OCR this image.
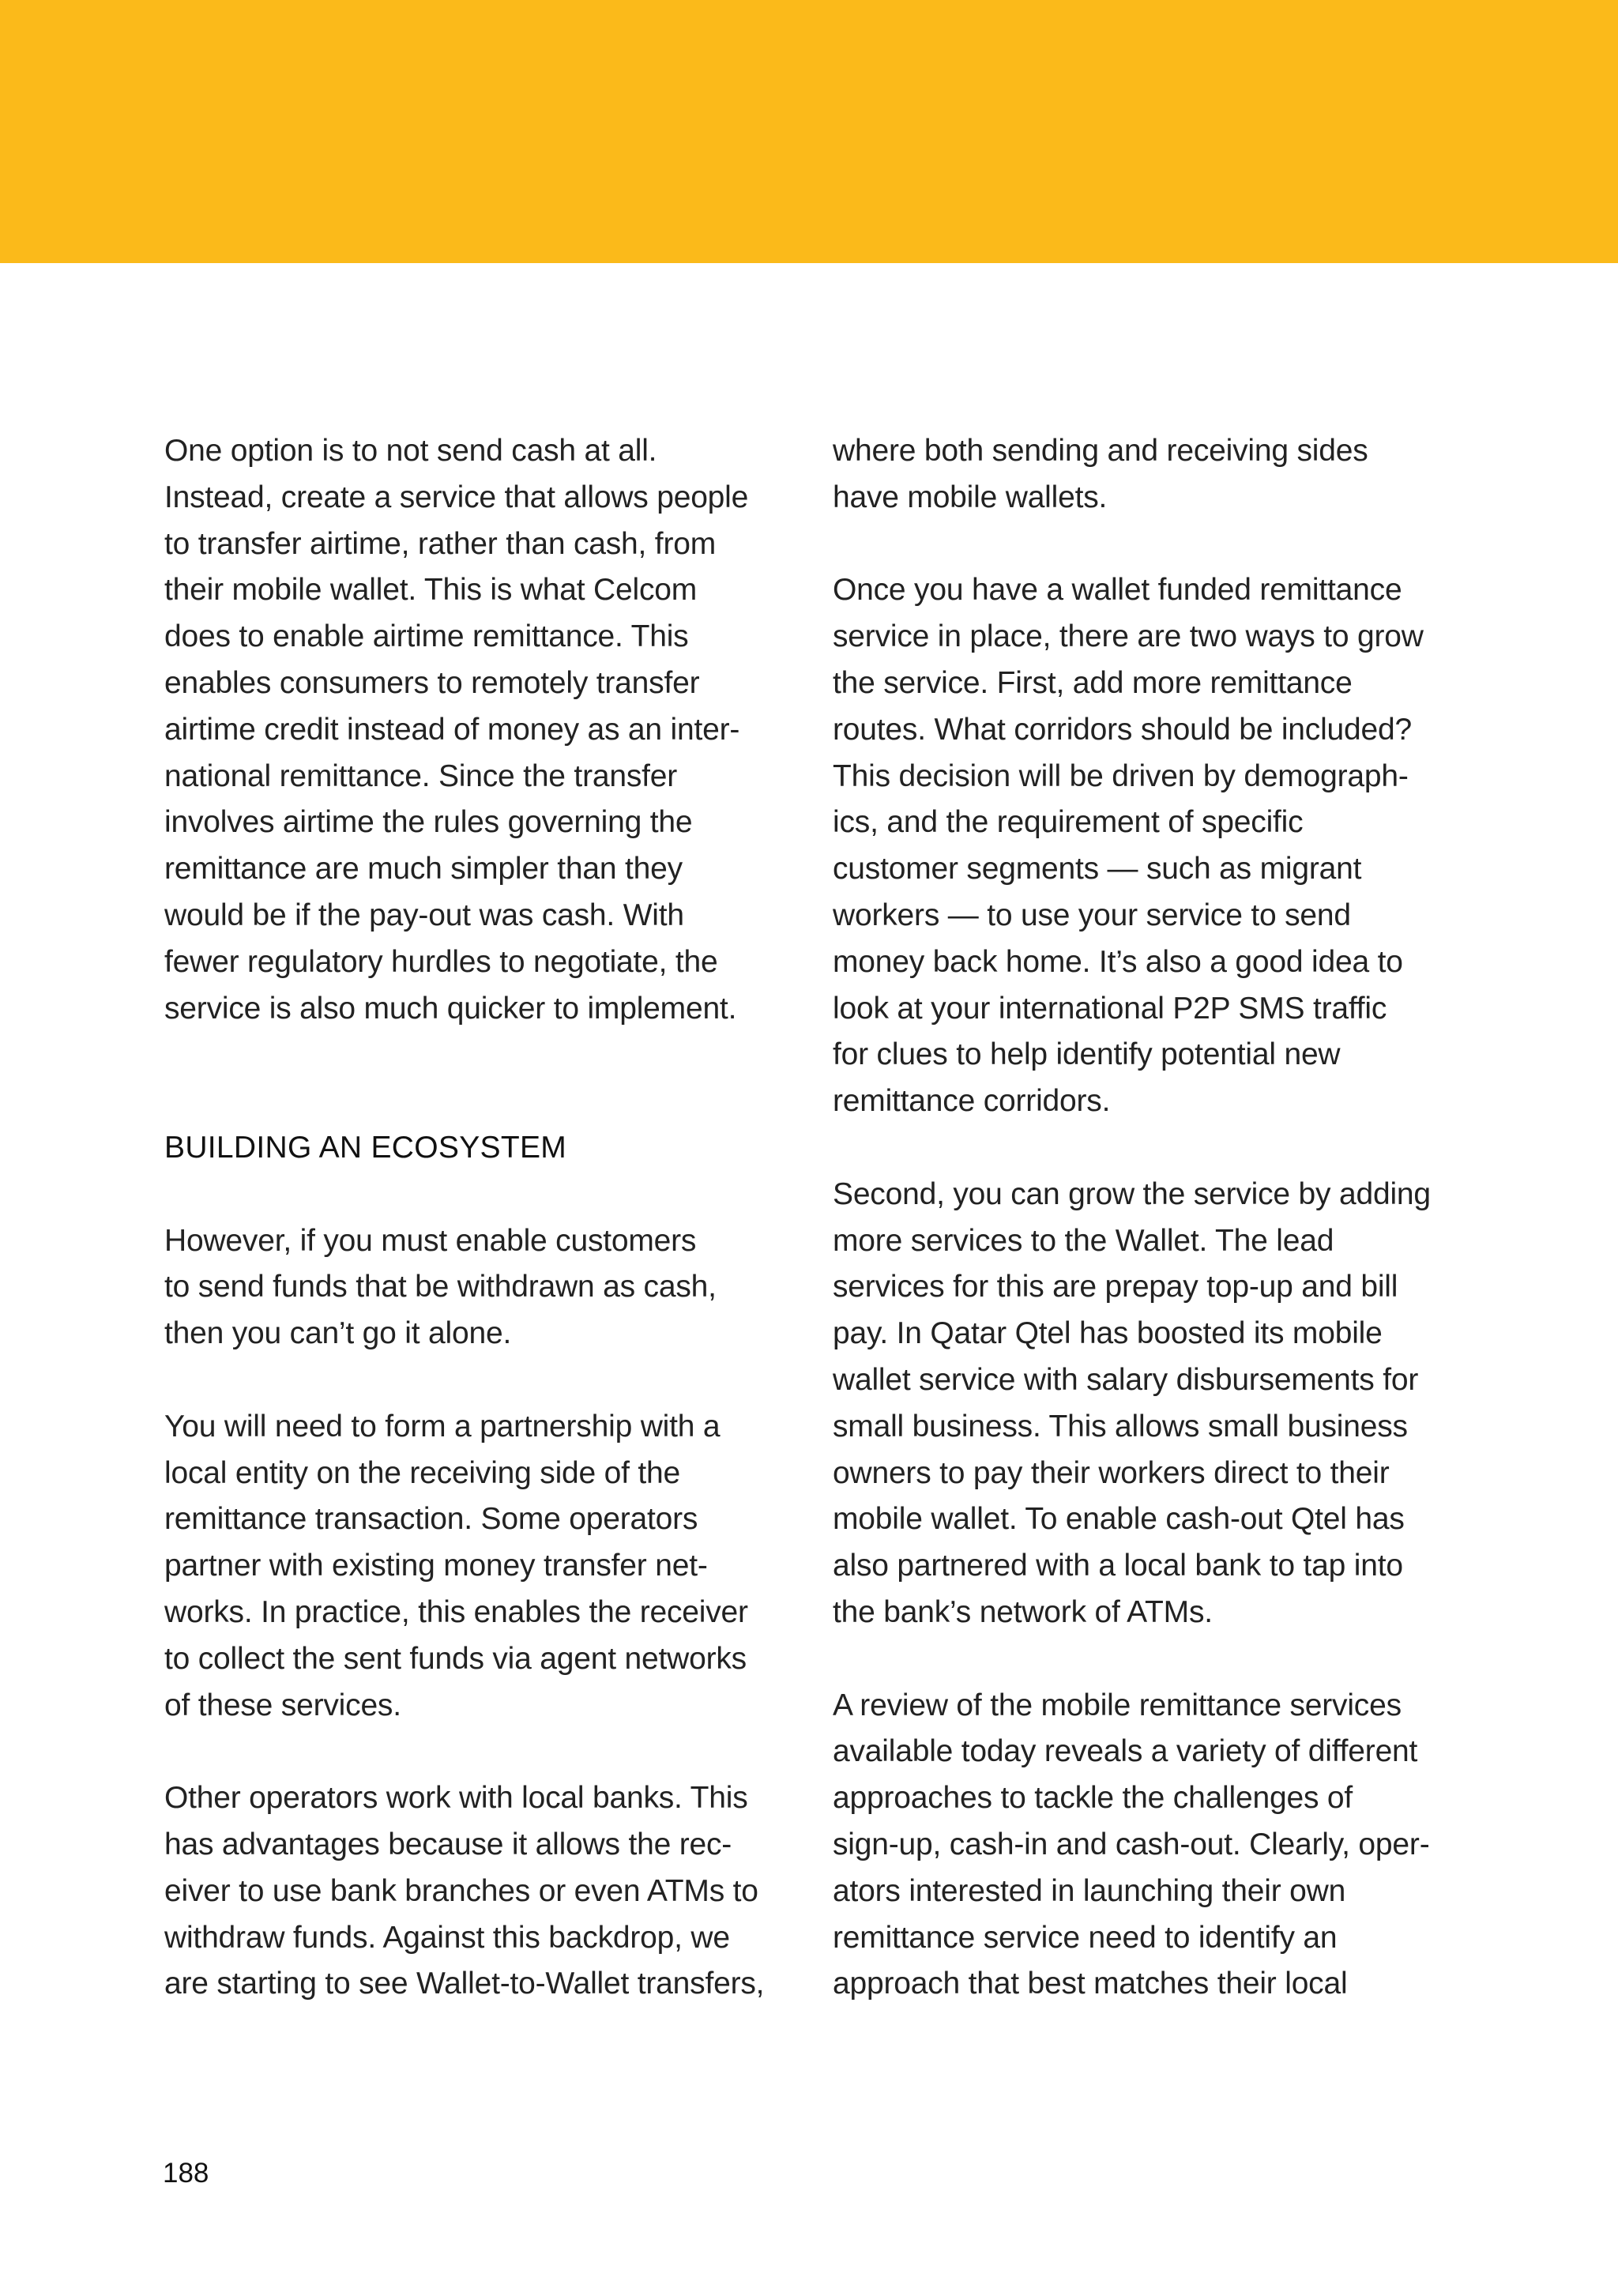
One option is to not send cash at all.
Instead, create a service that allows people
to transfer airtime, rather than cash, from
their mobile wallet. This is what Celcom
does to enable airtime remittance. This
enables consumers to remotely transfer
airtime credit instead of money as an inter-
national remittance. Since the transfer
involves airtime the rules governing the
remittance are much simpler than they
would be if the pay-out was cash. With
fewer regulatory hurdles to negotiate, the
service is also much quicker to implement.

BUILDING AN ECOSYSTEM

However, if you must enable customers
to send funds that be withdrawn as cash,
then you can’t go it alone.

You will need to form a partnership with a
local entity on the receiving side of the
remittance transaction. Some operators
partner with existing money transfer net-
works. In practice, this enables the receiver
to collect the sent funds via agent networks
of these services.

Other operators work with local banks. This
has advantages because it allows the rec-
eiver to use bank branches or even ATMs to
withdraw funds. Against this backdrop, we
are starting to see Wallet-to-Wallet transfers,

where both sending and receiving sides
have mobile wallets.

Once you have a wallet funded remittance
service in place, there are two ways to grow
the service. First, add more remittance
routes. What corridors should be included?
This decision will be driven by demograph-
ics, and the requirement of specific
customer segments — such as migrant
workers — to use your service to send
money back home. It’s also a good idea to
look at your international P2P SMS traffic
for clues to help identify potential new
remittance corridors.

Second, you can grow the service by adding
more services to the Wallet. The lead
services for this are prepay top-up and bill
pay. In Qatar Qtel has boosted its mobile
wallet service with salary disbursements for
small business. This allows small business
owners to pay their workers direct to their
mobile wallet. To enable cash-out Qtel has
also partnered with a local bank to tap into
the bank’s network of ATMs.

A review of the mobile remittance services
available today reveals a variety of different
approaches to tackle the challenges of
sign-up, cash-in and cash-out. Clearly, oper-
ators interested in launching their own
remittance service need to identify an
approach that best matches their local

188
